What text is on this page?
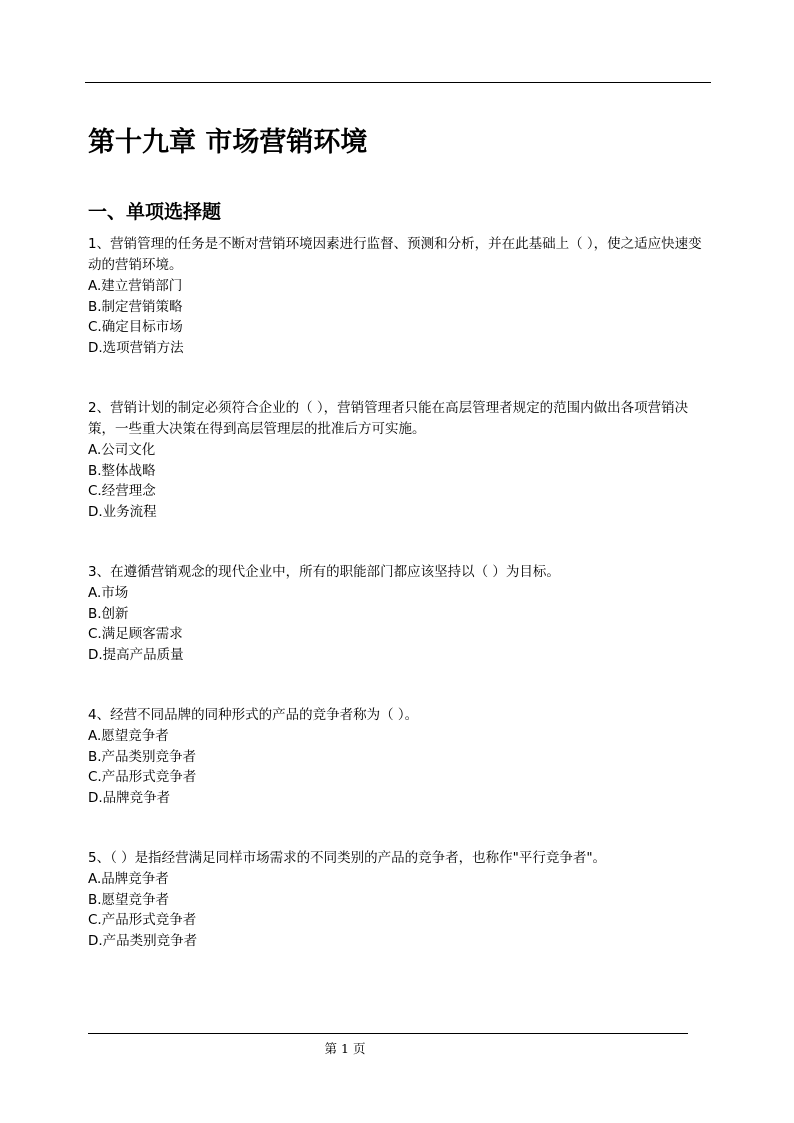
第十九章 市场营销环境
一、单项选择题

1、营销管理的任务是不断对营销环境因素进行监督、预测和分析，并在此基础上（ ），使之适应快速变动的营销环境。

A.建立营销部门

B.制定营销策略

C.确定目标市场

D.选项营销方法

2、营销计划的制定必须符合企业的（ ），营销管理者只能在高层管理者规定的范围内做出各项营销决策，一些重大决策在得到高层管理层的批准后方可实施。

A.公司文化

B.整体战略

C.经营理念

D.业务流程

3、在遵循营销观念的现代企业中，所有的职能部门都应该坚持以（ ）为目标。

A.市场

B.创新

C.满足顾客需求

D.提高产品质量

4、经营不同品牌的同种形式的产品的竞争者称为（ ）。

A.愿望竞争者

B.产品类别竞争者

C.产品形式竞争者

D.品牌竞争者

5、（ ）是指经营满足同样市场需求的不同类别的产品的竞争者，也称作"平行竞争者"。

A.品牌竞争者

B.愿望竞争者

C.产品形式竞争者

D.产品类别竞争者

第 1 页
